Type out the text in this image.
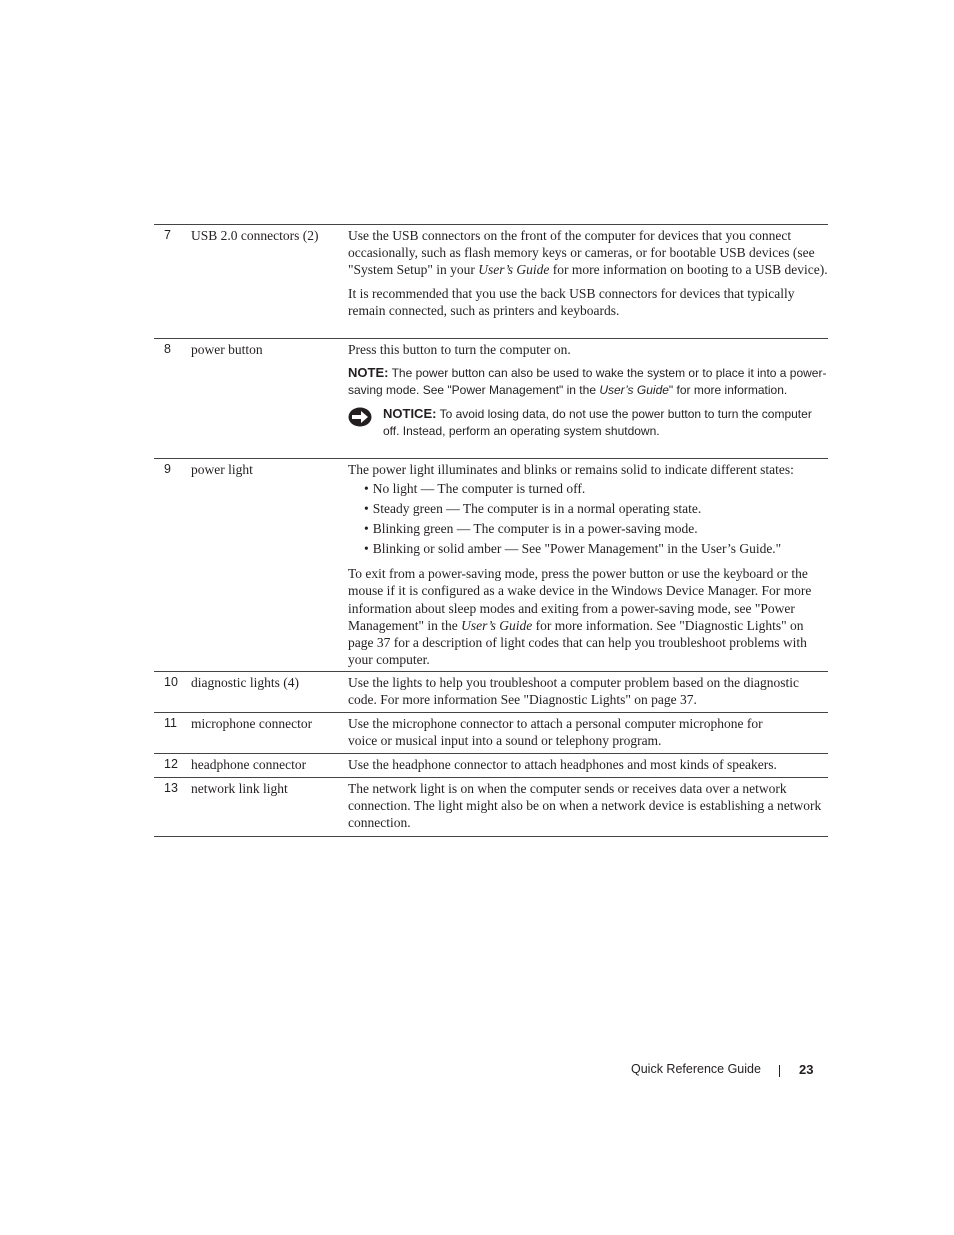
7 USB 2.0 connectors (2) Use the USB connectors on the front of the computer for devices that you connect occasionally, such as flash memory keys or cameras, or for bootable USB devices (see "System Setup" in your User’s Guide for more information on booting to a USB device).

It is recommended that you use the back USB connectors for devices that typically remain connected, such as printers and keyboards.

8 power button	Press this button to turn the computer on.

NOTE: The power button can also be used to wake the system or to place it into a power-saving mode. See "Power Management" in the User’s Guide" for more information.

NOTICE: To avoid losing data, do not use the power button to turn the computer off. Instead, perform an operating system shutdown.
9 power light	The power light illuminates and blinks or remains solid to indicate different states:

• No light — The computer is turned off.
• Steady green — The computer is in a normal operating state.
• Blinking green — The computer is in a power-saving mode.
• Blinking or solid amber — See "Power Management" in the User’s Guide."

To exit from a power-saving mode, press the power button or use the keyboard or the mouse if it is configured as a wake device in the Windows Device Manager. For more information about sleep modes and exiting from a power-saving mode, see "Power Management" in the User’s Guide for more information. See "Diagnostic Lights" on page 37 for a description of light codes that can help you troubleshoot problems with your computer.

10 diagnostic lights (4)	Use the lights to help you troubleshoot a computer problem based on the diagnostic code. For more information See "Diagnostic Lights" on page 37.

11 microphone connector	Use the microphone connector to attach a personal computer microphone for voice or musical input into a sound or telephony program.

12 headphone connector	Use the headphone connector to attach headphones and most kinds of speakers.

13 network link light	The network light is on when the computer sends or receives data over a network connection. The light might also be on when a network device is establishing a network connection.

Quick Reference Guide	23
